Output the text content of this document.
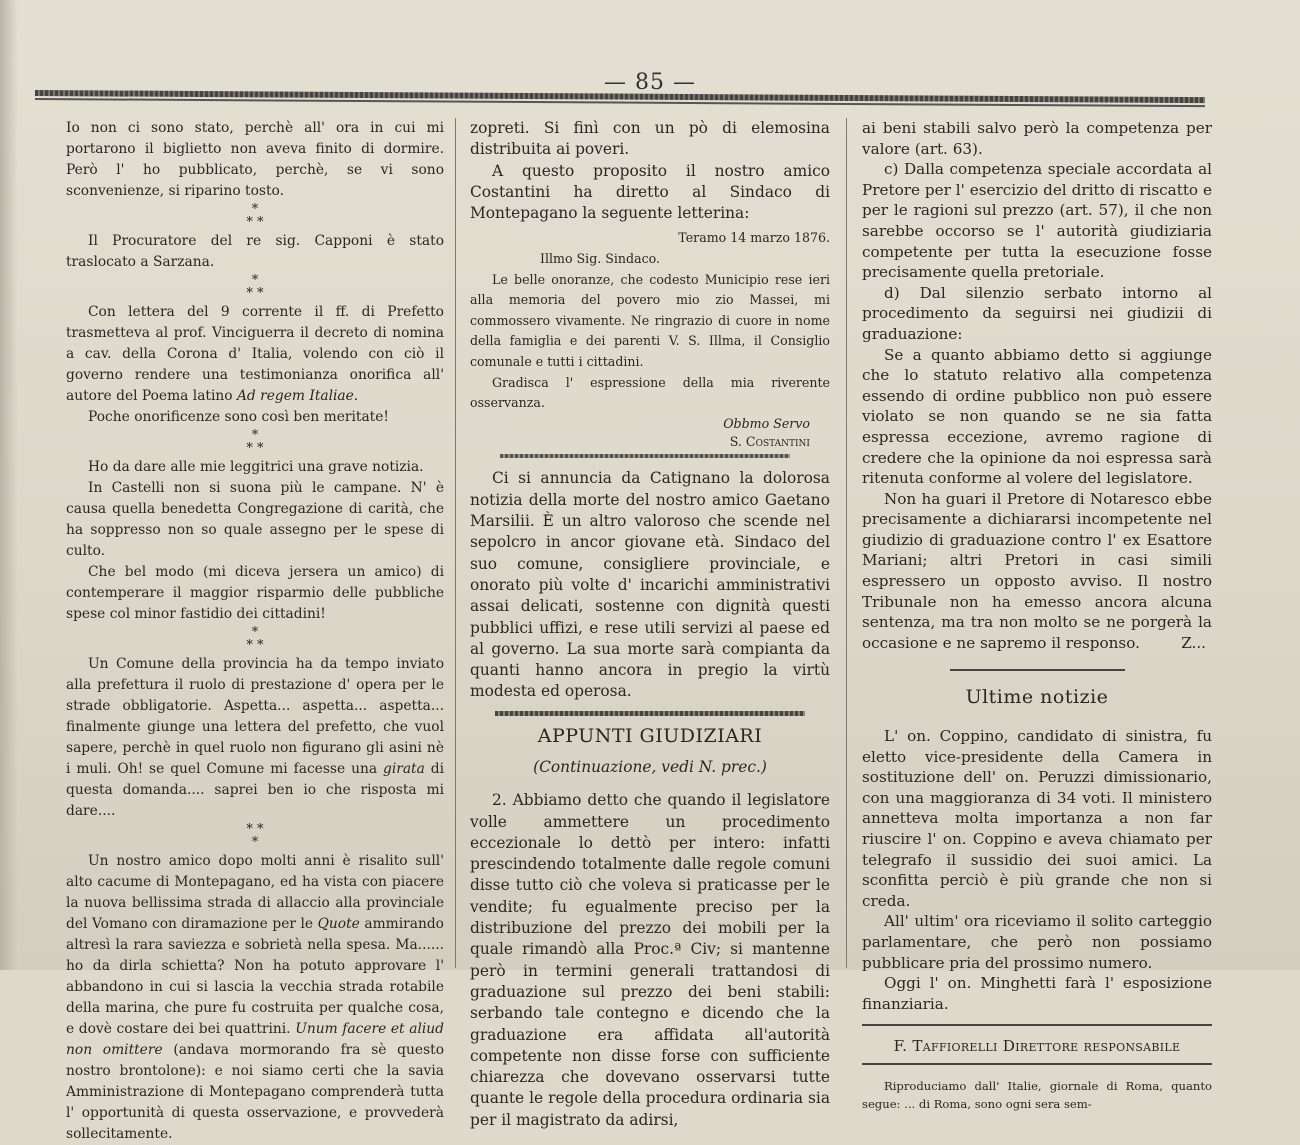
— 85 —

Io non ci sono stato, perchè all' ora in cui mi portarono il biglietto non aveva finito di dormire. Però l' ho pubblicato, perchè, se vi sono sconvenienze, si riparino tosto.

*
* *

Il Procuratore del re sig. Capponi è stato traslocato a Sarzana.

*
* *

Con lettera del 9 corrente il ff. di Prefetto trasmetteva al prof. Vinciguerra il decreto di nomina a cav. della Corona d' Italia, volendo con ciò il governo rendere una testimonianza onorifica all' autore del Poema latino Ad regem Italiae.

Poche onorificenze sono così ben meritate!

*
* *

Ho da dare alle mie leggitrici una grave notizia.

In Castelli non si suona più le campane. N' è causa quella benedetta Congregazione di carità, che ha soppresso non so quale assegno per le spese di culto.

Che bel modo (mi diceva jersera un amico) di contemperare il maggior risparmio delle pubbliche spese col minor fastidio dei cittadini!

*
* *

Un Comune della provincia ha da tempo inviato alla prefettura il ruolo di prestazione d' opera per le strade obbligatorie. Aspetta... aspetta... aspetta... finalmente giunge una lettera del prefetto, che vuol sapere, perchè in quel ruolo non figurano gli asini nè i muli. Oh! se quel Comune mi facesse una girata di questa domanda.... saprei ben io che risposta mi dare....

* *
*

Un nostro amico dopo molti anni è risalito sull' alto cacume di Montepagano, ed ha vista con piacere la nuova bellissima strada di allaccio alla provinciale del Vomano con diramazione per le Quote ammirando altresì la rara saviezza e sobrietà nella spesa. Ma...... ho da dirla schietta? Non ha potuto approvare l' abbandono in cui si lascia la vecchia strada rotabile della marina, che pure fu costruita per qualche cosa, e dovè costare dei bei quattrini. Unum facere et aliud non omittere (andava mormorando fra sè questo nostro brontolone): e noi siamo certi che la savia Amministrazione di Montepagano comprenderà tutta l' opportunità di questa osservazione, e provvederà sollecitamente.

zopreti. Si finì con un pò di elemosina distribuita ai poveri.

A questo proposito il nostro amico Costantini ha diretto al Sindaco di Montepagano la seguente letterina:

Teramo 14 marzo 1876.

Illmo Sig. Sindaco.

Le belle onoranze, che codesto Municipio rese ieri alla memoria del povero mio zio Massei, mi commossero vivamente. Ne ringrazio di cuore in nome della famiglia e dei parenti V. S. Illma, il Consiglio comunale e tutti i cittadini.

Gradisca l' espressione della mia riverente osservanza.

Obbmo Servo

S. Costantini

Ci si annuncia da Catignano la dolorosa notizia della morte del nostro amico Gaetano Marsilii. È un altro valoroso che scende nel sepolcro in ancor giovane età. Sindaco del suo comune, consigliere provinciale, e onorato più volte d' incarichi amministrativi assai delicati, sostenne con dignità questi pubblici uffizi, e rese utili servizi al paese ed al governo. La sua morte sarà compianta da quanti hanno ancora in pregio la virtù modesta ed operosa.

APPUNTI GIUDIZIARI

(Continuazione, vedi N. prec.)

2. Abbiamo detto che quando il legislatore volle ammettere un procedimento eccezionale lo dettò per intero: infatti prescindendo totalmente dalle regole comuni disse tutto ciò che voleva si praticasse per le vendite; fu egualmente preciso per la distribuzione del prezzo dei mobili per la quale rimandò alla Proc.ª Civ; si mantenne però in termini generali trattandosi di graduazione sul prezzo dei beni stabili: serbando tale contegno e dicendo che la graduazione era affidata all'autorità competente non disse forse con sufficiente chiarezza che dovevano osservarsi tutte quante le regole della procedura ordinaria sia per il magistrato da adirsi,

ai beni stabili salvo però la competenza per valore (art. 63).

c) Dalla competenza speciale accordata al Pretore per l' esercizio del dritto di riscatto e per le ragioni sul prezzo (art. 57), il che non sarebbe occorso se l' autorità giudiziaria competente per tutta la esecuzione fosse precisamente quella pretoriale.

d) Dal silenzio serbato intorno al procedimento da seguirsi nei giudizii di graduazione:

Se a quanto abbiamo detto si aggiunge che lo statuto relativo alla competenza essendo di ordine pubblico non può essere violato se non quando se ne sia fatta espressa eccezione, avremo ragione di credere che la opinione da noi espressa sarà ritenuta conforme al volere del legislatore.

Non ha guari il Pretore di Notaresco ebbe precisamente a dichiararsi incompetente nel giudizio di graduazione contro l' ex Esattore Mariani; altri Pretori in casi simili espressero un opposto avviso. Il nostro Tribunale non ha emesso ancora alcuna sentenza, ma tra non molto se ne porgerà la occasione e ne sapremo il responso.	Z...

Ultime notizie

L' on. Coppino, candidato di sinistra, fu eletto vice-presidente della Camera in sostituzione dell' on. Peruzzi dimissionario, con una maggioranza di 34 voti. Il ministero annetteva molta importanza a non far riuscire l' on. Coppino e aveva chiamato per telegrafo il sussidio dei suoi amici. La sconfitta perciò è più grande che non si creda.

All' ultim' ora riceviamo il solito carteggio parlamentare, che però non possiamo pubblicare pria del prossimo numero.

Oggi l' on. Minghetti farà l' esposizione finanziaria.

F. Taffiorelli Direttore responsabile

Riproduciamo dall' Italie, giornale di Roma, quanto segue: ... di Roma, sono ogni sera sem-
